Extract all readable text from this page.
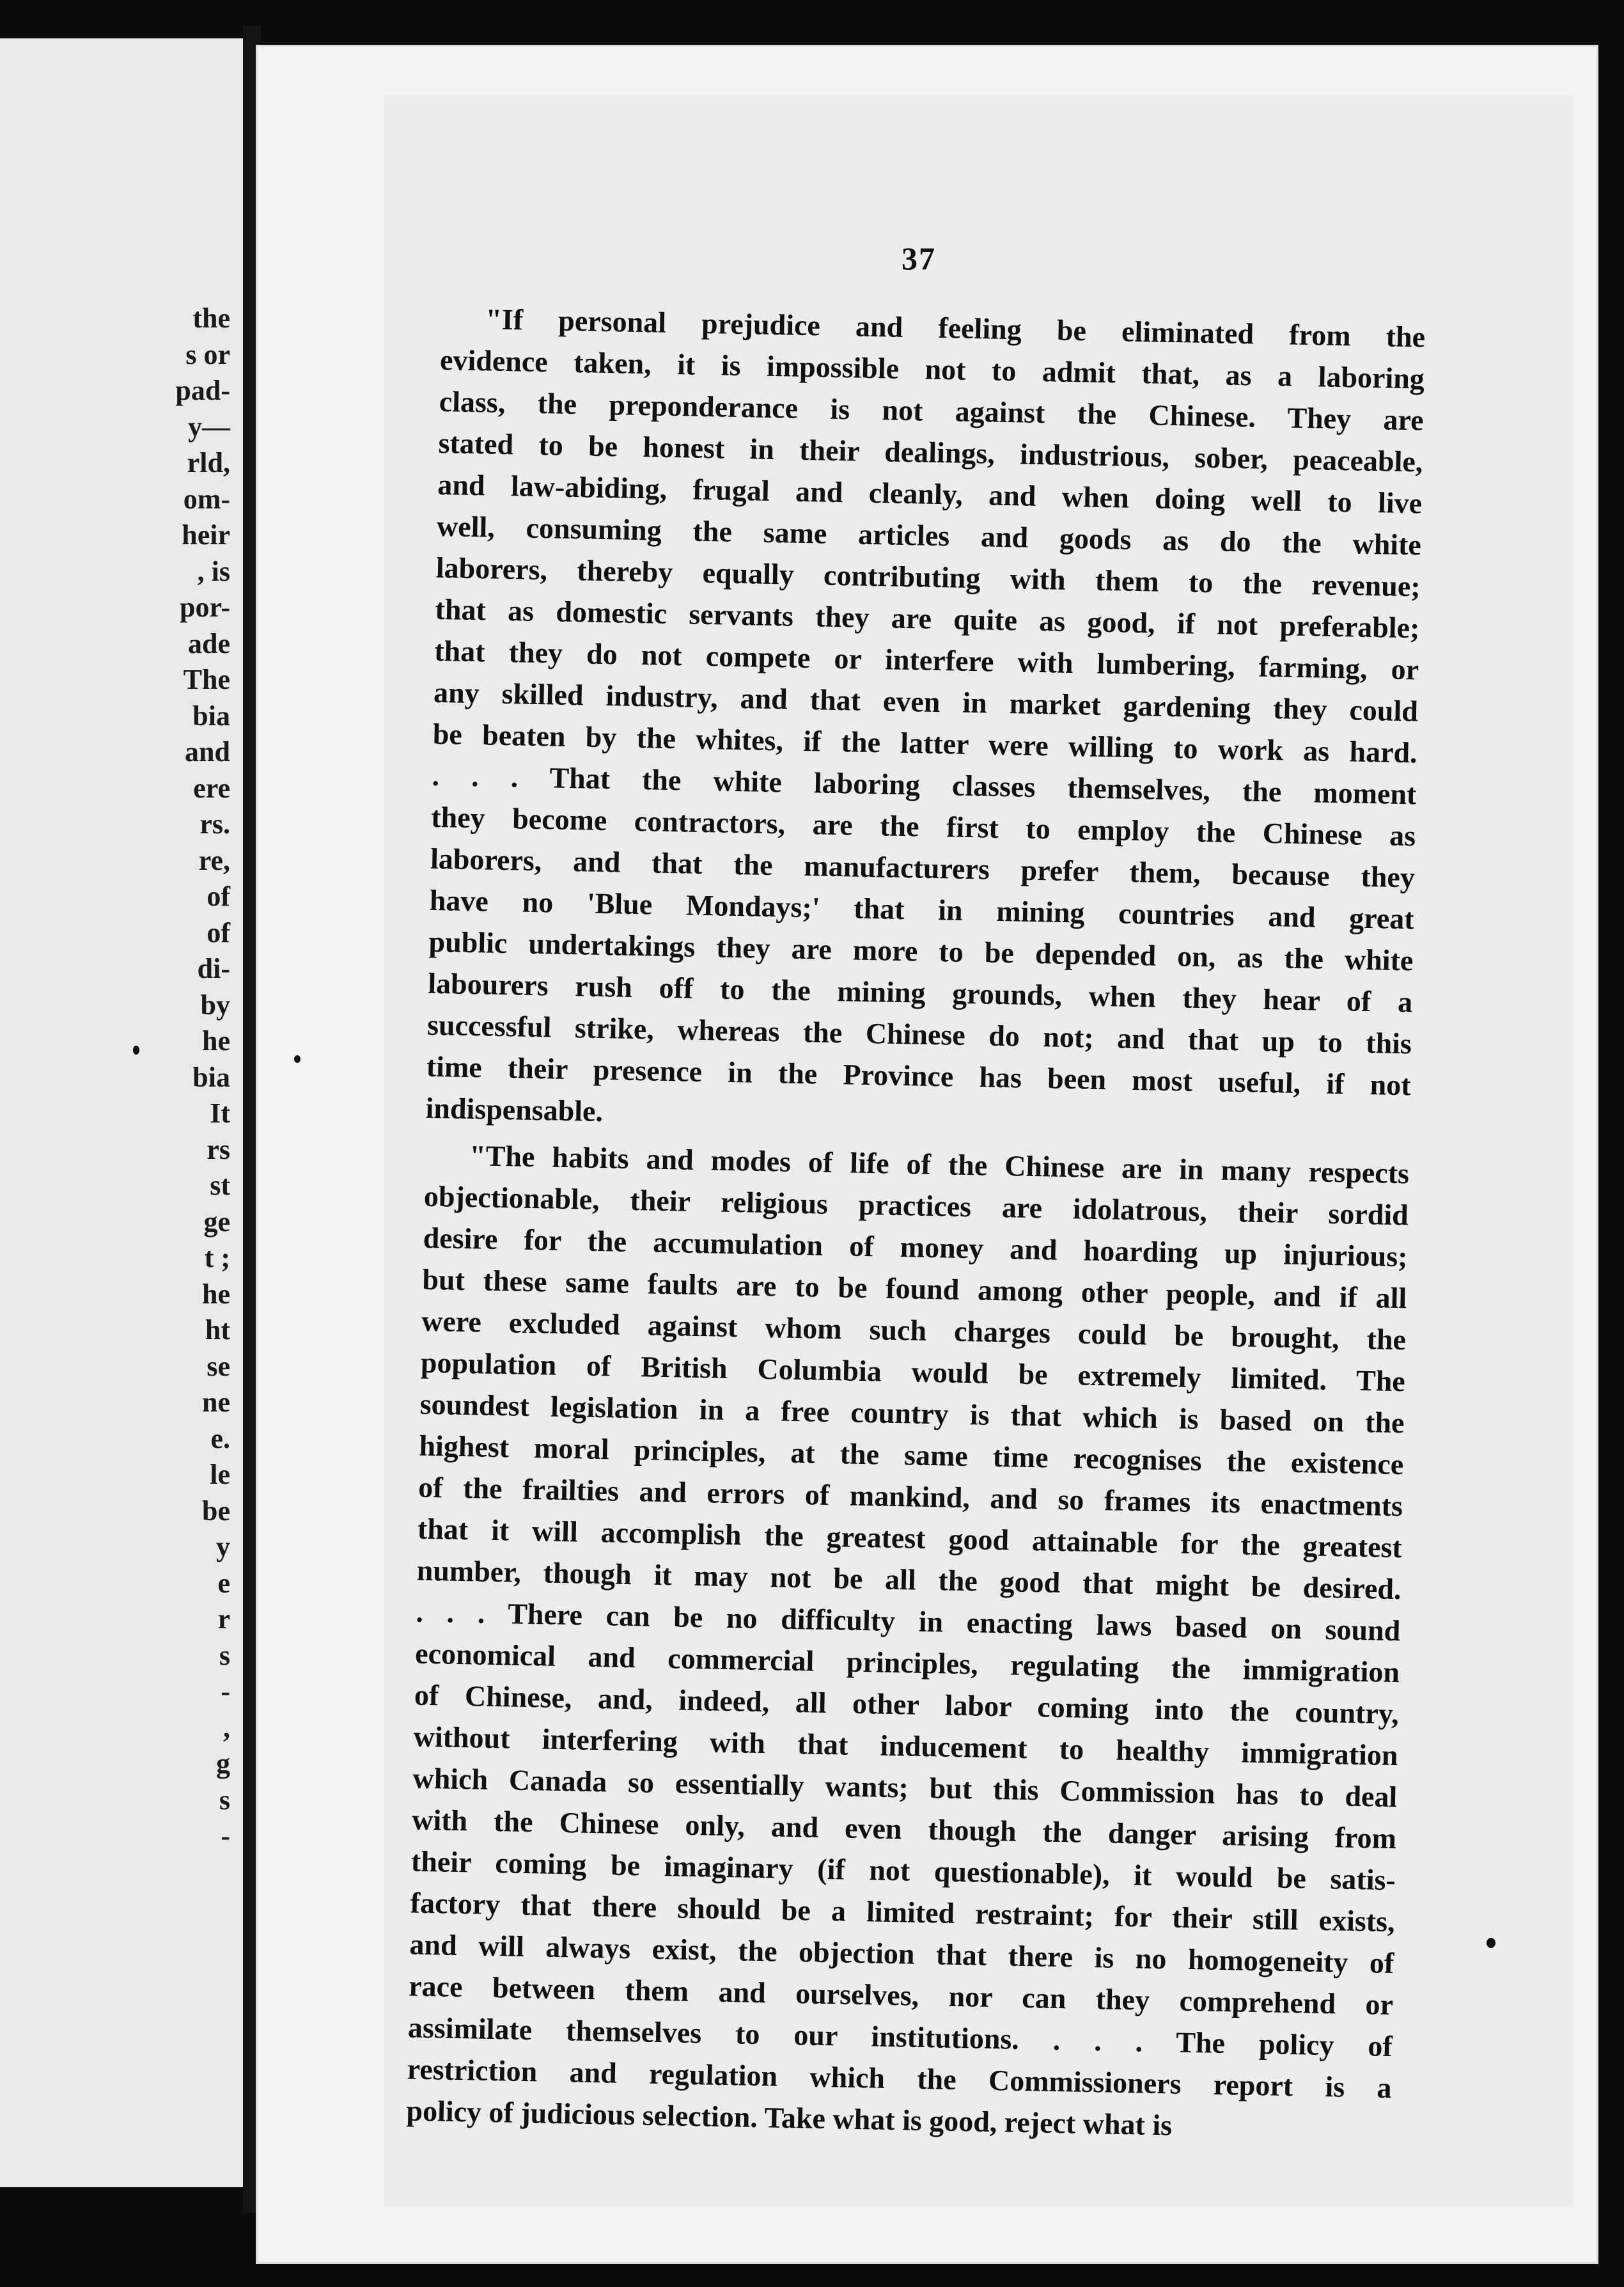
the
s or
pad-
y—
rld,
om-
heir
, is
por-
ade
The
bia
and
ere
rs.
re,
of
of
di-
by
he
bia
It
rs
st
ge
t ;
he
ht
se
ne
e.
le
be
y
e
r
s
-
,
g
s
-
37
"If personal prejudice and feeling be eliminated from the
evidence taken, it is impossible not to admit that, as a laboring
class, the preponderance is not against the Chinese. They are
stated to be honest in their dealings, industrious, sober, peaceable,
and law-abiding, frugal and cleanly, and when doing well to live
well, consuming the same articles and goods as do the white
laborers, thereby equally contributing with them to the revenue;
that as domestic servants they are quite as good, if not preferable;
that they do not compete or interfere with lumbering, farming, or
any skilled industry, and that even in market gardening they could
be beaten by the whites, if the latter were willing to work as hard.
. . . That the white laboring classes themselves, the moment
they become contractors, are the first to employ the Chinese as
laborers, and that the manufacturers prefer them, because they
have no 'Blue Mondays;' that in mining countries and great
public undertakings they are more to be depended on, as the white
labourers rush off to the mining grounds, when they hear of a
successful strike, whereas the Chinese do not; and that up to this
time their presence in the Province has been most useful, if not
indispensable.
"The habits and modes of life of the Chinese are in many respects
objectionable, their religious practices are idolatrous, their sordid
desire for the accumulation of money and hoarding up injurious;
but these same faults are to be found among other people, and if all
were excluded against whom such charges could be brought, the
population of British Columbia would be extremely limited. The
soundest legislation in a free country is that which is based on the
highest moral principles, at the same time recognises the existence
of the frailties and errors of mankind, and so frames its enactments
that it will accomplish the greatest good attainable for the greatest
number, though it may not be all the good that might be desired.
. . . There can be no difficulty in enacting laws based on sound
economical and commercial principles, regulating the immigration
of Chinese, and, indeed, all other labor coming into the country,
without interfering with that inducement to healthy immigration
which Canada so essentially wants; but this Commission has to deal
with the Chinese only, and even though the danger arising from
their coming be imaginary (if not questionable), it would be satis-
factory that there should be a limited restraint; for their still exists,
and will always exist, the objection that there is no homogeneity of
race between them and ourselves, nor can they comprehend or
assimilate themselves to our institutions. . . . The policy of
restriction and regulation which the Commissioners report is a
policy of judicious selection. Take what is good, reject what is
